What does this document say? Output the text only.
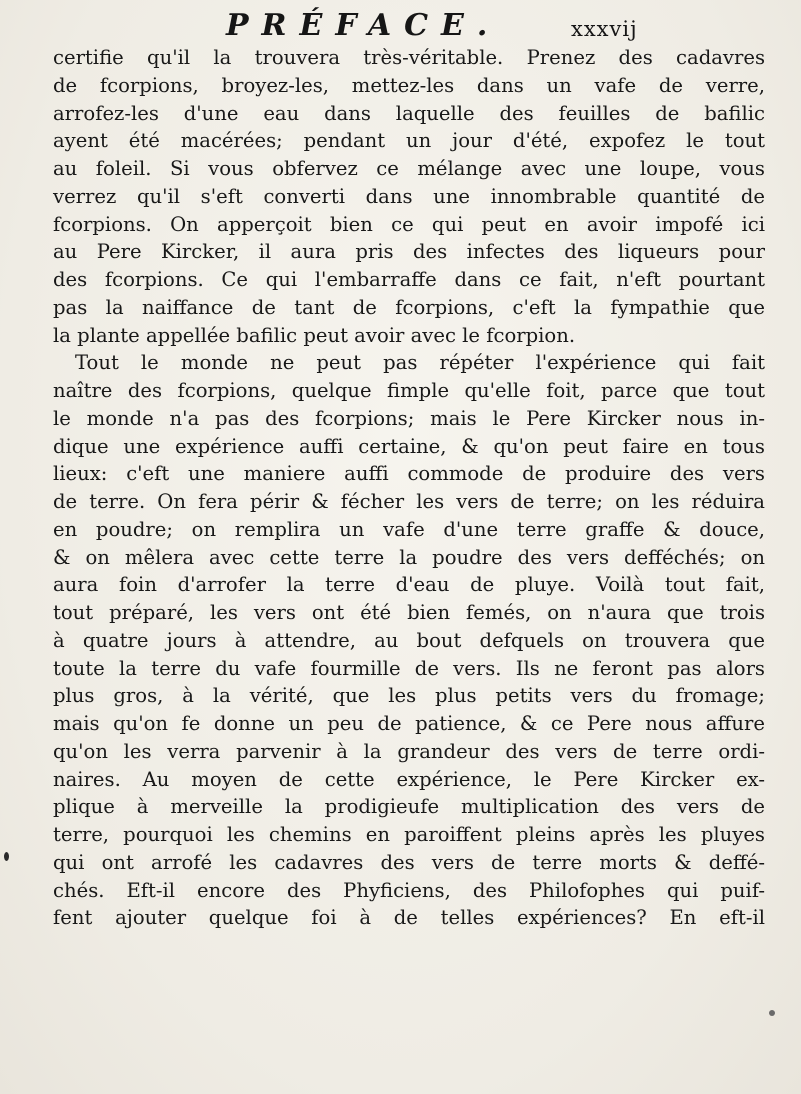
PRÉFACE.	xxxvij
certifie qu'il la trouvera très-véritable. Prenez des cadavres
de fcorpions, broyez-les, mettez-les dans un vafe de verre,
arrofez-les d'une eau dans laquelle des feuilles de bafilic
ayent été macérées; pendant un jour d'été, expofez le tout
au foleil. Si vous obfervez ce mélange avec une loupe, vous
verrez qu'il s'eft converti dans une innombrable quantité de
fcorpions. On apperçoit bien ce qui peut en avoir impofé ici
au Pere Kircker, il aura pris des infectes des liqueurs pour
des fcorpions. Ce qui l'embarraffe dans ce fait, n'eft pourtant
pas la naiffance de tant de fcorpions, c'eft la fympathie que
la plante appellée bafilic peut avoir avec le fcorpion.
Tout le monde ne peut pas répéter l'expérience qui fait
naître des fcorpions, quelque fimple qu'elle foit, parce que tout
le monde n'a pas des fcorpions; mais le Pere Kircker nous in-
dique une expérience auffi certaine, & qu'on peut faire en tous
lieux: c'eft une maniere auffi commode de produire des vers
de terre. On fera périr & fécher les vers de terre; on les réduira
en poudre; on remplira un vafe d'une terre graffe & douce,
& on mêlera avec cette terre la poudre des vers defféchés; on
aura foin d'arrofer la terre d'eau de pluye. Voilà tout fait,
tout préparé, les vers ont été bien femés, on n'aura que trois
à quatre jours à attendre, au bout defquels on trouvera que
toute la terre du vafe fourmille de vers. Ils ne feront pas alors
plus gros, à la vérité, que les plus petits vers du fromage;
mais qu'on fe donne un peu de patience, & ce Pere nous affure
qu'on les verra parvenir à la grandeur des vers de terre ordi-
naires. Au moyen de cette expérience, le Pere Kircker ex-
plique à merveille la prodigieufe multiplication des vers de
terre, pourquoi les chemins en paroiffent pleins après les pluyes
qui ont arrofé les cadavres des vers de terre morts & deffé-
chés. Eft-il encore des Phyficiens, des Philofophes qui puif-
fent ajouter quelque foi à de telles expériences? En eft-il
